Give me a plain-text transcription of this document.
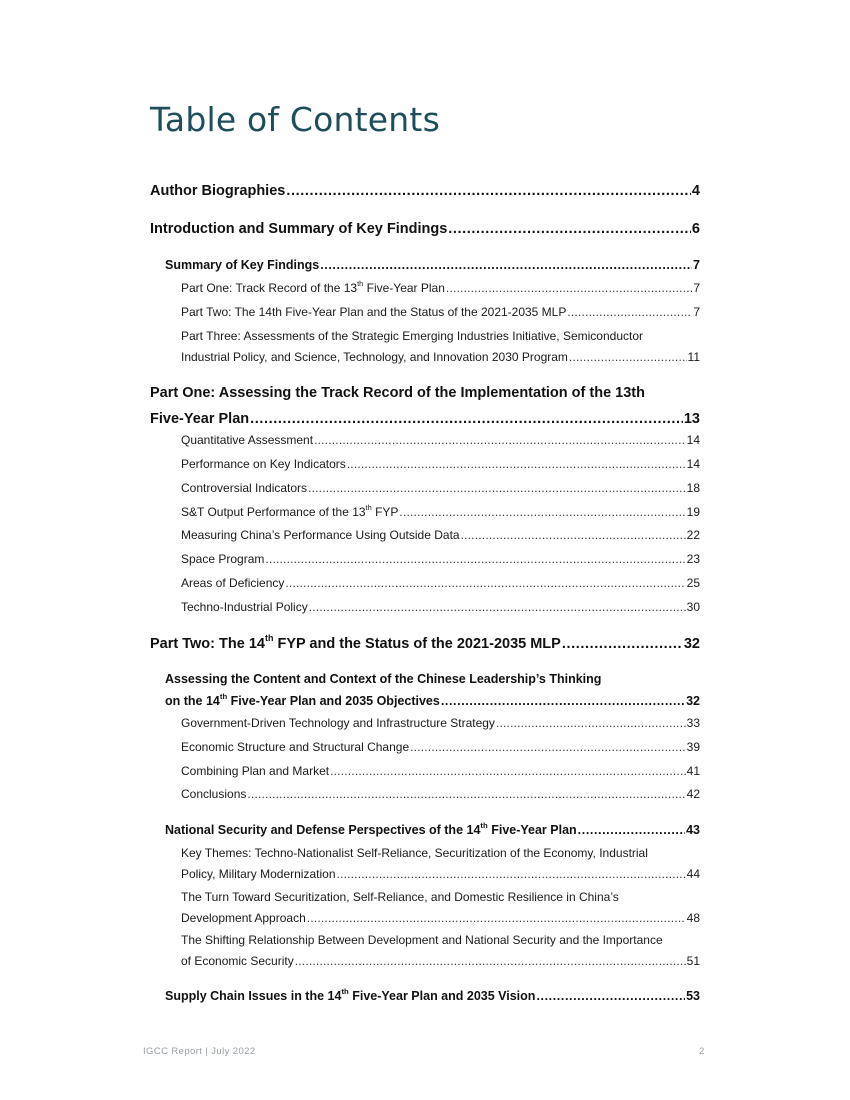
Table of Contents
Author Biographies .....	4
Introduction and Summary of Key Findings .....	6
Summary of Key Findings .....	7
Part One: Track Record of the 13th Five-Year Plan .....	7
Part Two: The 14th Five-Year Plan and the Status of the 2021-2035 MLP .....	7
Part Three: Assessments of the Strategic Emerging Industries Initiative, Semiconductor
Industrial Policy, and Science, Technology, and Innovation 2030 Program .....	11
Part One: Assessing the Track Record of the Implementation of the 13th
Five-Year Plan .....	13
Quantitative Assessment .....	14
Performance on Key Indicators .....	14
Controversial Indicators .....	18
S&T Output Performance of the 13th FYP .....	19
Measuring China’s Performance Using Outside Data .....	22
Space Program .....	23
Areas of Deficiency .....	25
Techno-Industrial Policy .....	30
Part Two: The 14th FYP and the Status of the 2021-2035 MLP .....	32
Assessing the Content and Context of the Chinese Leadership’s Thinking
on the 14th Five-Year Plan and 2035 Objectives .....	32
Government-Driven Technology and Infrastructure Strategy .....	33
Economic Structure and Structural Change .....	39
Combining Plan and Market .....	41
Conclusions .....	42
National Security and Defense Perspectives of the 14th Five-Year Plan .....	43
Key Themes: Techno-Nationalist Self-Reliance, Securitization of the Economy, Industrial
Policy, Military Modernization .....	44
The Turn Toward Securitization, Self-Reliance, and Domestic Resilience in China’s
Development Approach .....	48
The Shifting Relationship Between Development and National Security and the Importance
of Economic Security .....	51
Supply Chain Issues in the 14th Five-Year Plan and 2035 Vision .....	53
IGCC Report | July 2022	2
